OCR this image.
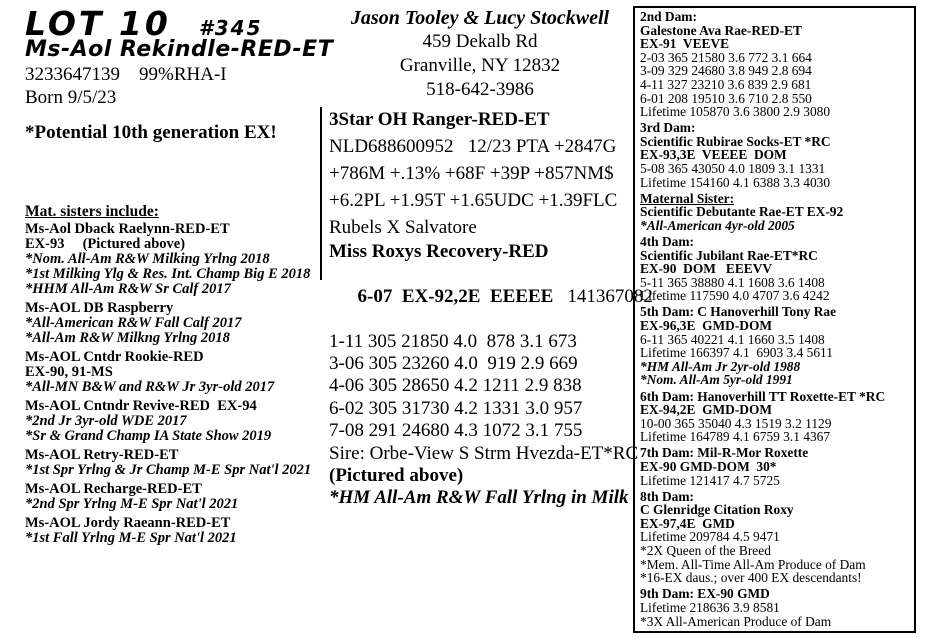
LOT 10 #345
Ms-Aol Rekindle-RED-ET
3233647139    99%RHA-I
Born 9/5/23
*Potential 10th generation EX!
Mat. sisters include:
Ms-Aol Dback Raelynn-RED-ET
EX-93     (Pictured above)
*Nom. All-Am R&W Milking Yrlng 2018
*1st Milking Ylg & Res. Int. Champ Big E 2018
*HHM All-Am R&W Sr Calf 2017
Ms-AOL DB Raspberry
*All-American R&W Fall Calf 2017
*All-Am R&W Milkng Yrlng 2018
Ms-AOL Cntdr Rookie-RED
EX-90, 91-MS
*All-MN B&W and R&W Jr 3yr-old 2017
Ms-AOL Cntndr Revive-RED  EX-94
*2nd Jr 3yr-old WDE 2017
*Sr & Grand Champ IA State Show 2019
Ms-AOL Retry-RED-ET
*1st Spr Yrlng & Jr Champ M-E Spr Nat'l 2021
Ms-AOL Recharge-RED-ET
*2nd Spr Yrlng M-E Spr Nat'l 2021
Ms-AOL Jordy Raeann-RED-ET
*1st Fall Yrlng M-E Spr Nat'l 2021
Jason Tooley & Lucy Stockwell
459 Dekalb Rd
Granville, NY 12832
518-642-3986
3Star OH Ranger-RED-ET
NLD688600952   12/23 PTA +2847G
+786M +.13% +68F +39P +857NM$
+6.2PL +1.95T +1.65UDC +1.39FLC
Rubels X Salvatore
Miss Roxys Recovery-RED

6-07  EX-92,2E  EEEEE 141367082

1-11 305 21850 4.0  878 3.1 673
3-06 305 23260 4.0  919 2.9 669
4-06 305 28650 4.2 1211 2.9 838
6-02 305 31730 4.2 1331 3.0 957
7-08 291 24680 4.3 1072 3.1 755
Sire: Orbe-View S Strm Hvezda-ET*RC
(Pictured above)
*HM All-Am R&W Fall Yrlng in Milk
2nd Dam:
Galestone Ava Rae-RED-ET
EX-91  VEEVE
2-03 365 21580 3.6 772 3.1 664
3-09 329 24680 3.8 949 2.8 694
4-11 327 23210 3.6 839 2.9 681
6-01 208 19510 3.6 710 2.8 550
Lifetime 105870 3.6 3800 2.9 3080
3rd Dam:
Scientific Rubirae Socks-ET *RC
EX-93,3E  VEEEE  DOM
5-08 365 43050 4.0 1809 3.1 1331
Lifetime 154160 4.1 6388 3.3 4030
Maternal Sister:
Scientific Debutante Rae-ET EX-92
*All-American 4yr-old 2005
4th Dam:
Scientific Jubilant Rae-ET*RC
EX-90  DOM   EEEVV
5-11 365 38880 4.1 1608 3.6 1408
Lifetime 117590 4.0 4707 3.6 4242
5th Dam: C Hanoverhill Tony Rae
EX-96,3E  GMD-DOM
6-11 365 40221 4.1 1660 3.5 1408
Lifetime 166397 4.1  6903 3.4 5611
*HM All-Am Jr 2yr-old 1988
*Nom. All-Am 5yr-old 1991
6th Dam: Hanoverhill TT Roxette-ET *RC
EX-94,2E  GMD-DOM
10-00 365 35040 4.3 1519 3.2 1129
Lifetime 164789 4.1 6759 3.1 4367
7th Dam: Mil-R-Mor Roxette
EX-90 GMD-DOM  30*
Lifetime 121417 4.7 5725
8th Dam:
C Glenridge Citation Roxy
EX-97,4E  GMD
Lifetime 209784 4.5 9471
*2X Queen of the Breed
*Mem. All-Time All-Am Produce of Dam
*16-EX daus.; over 400 EX descendants!
9th Dam: EX-90 GMD
Lifetime 218636 3.9 8581
*3X All-American Produce of Dam
